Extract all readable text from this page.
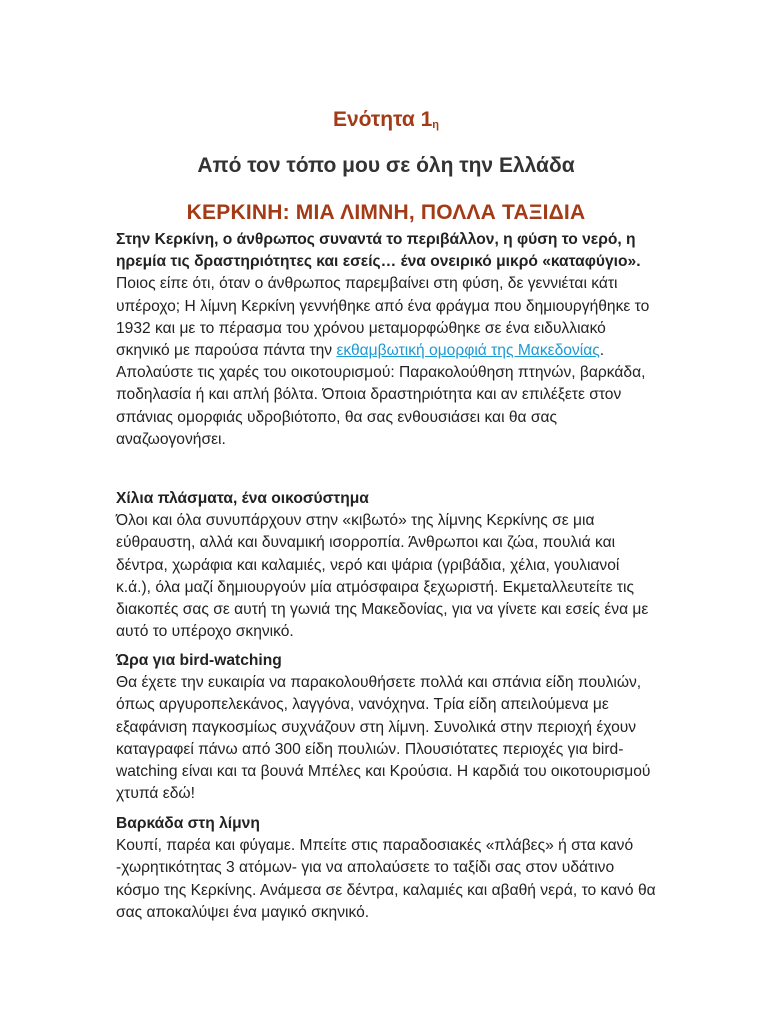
Ενότητα $1_\eta$
Από τον τόπο μου σε όλη την Ελλάδα
ΚΕΡΚΙΝΗ: ΜΙΑ ΛΙΜΝΗ, ΠΟΛΛΑ ΤΑΞΙΔΙΑ
Στην Κερκίνη, ο άνθρωπος συναντά το περιβάλλον, η φύση το νερό, η ηρεμία τις δραστηριότητες και εσείς… ένα ονειρικό μικρό «καταφύγιο».
Ποιος είπε ότι, όταν ο άνθρωπος παρεμβαίνει στη φύση, δε γεννιέται κάτι υπέροχο; Η λίμνη Κερκίνη γεννήθηκε από ένα φράγμα που δημιουργήθηκε το 1932 και με το πέρασμα του χρόνου μεταμορφώθηκε σε ένα ειδυλλιακό σκηνικό με παρούσα πάντα την εκθαμβωτική ομορφιά της Μακεδονίας. Απολαύστε τις χαρές του οικοτουρισμού: Παρακολούθηση πτηνών, βαρκάδα, ποδηλασία ή και απλή βόλτα. Όποια δραστηριότητα και αν επιλέξετε στον σπάνιας ομορφιάς υδροβιότοπο, θα σας ενθουσιάσει και θα σας αναζωογονήσει.
Χίλια πλάσματα, ένα οικοσύστημα
Όλοι και όλα συνυπάρχουν στην «κιβωτό» της λίμνης Κερκίνης σε μια εύθραυστη, αλλά και δυναμική ισορροπία. Άνθρωποι και ζώα, πουλιά και δέντρα, χωράφια και καλαμιές, νερό και ψάρια (γριβάδια, χέλια, γουλιανοί κ.ά.), όλα μαζί δημιουργούν μία ατμόσφαιρα ξεχωριστή. Εκμεταλλευτείτε τις διακοπές σας σε αυτή τη γωνιά της Μακεδονίας, για να γίνετε και εσείς ένα με αυτό το υπέροχο σκηνικό.
Ώρα για bird-watching
Θα έχετε την ευκαιρία να παρακολουθήσετε πολλά και σπάνια είδη πουλιών, όπως αργυροπελεκάνος, λαγγόνα, νανόχηνα. Τρία είδη απειλούμενα με εξαφάνιση παγκοσμίως συχνάζουν στη λίμνη. Συνολικά στην περιοχή έχουν καταγραφεί πάνω από 300 είδη πουλιών. Πλουσιότατες περιοχές για bird-watching είναι και τα βουνά Μπέλες και Κρούσια. Η καρδιά του οικοτουρισμού χτυπά εδώ!
Βαρκάδα στη λίμνη
Κουπί, παρέα και φύγαμε. Μπείτε στις παραδοσιακές «πλάβες» ή στα κανό -χωρητικότητας 3 ατόμων- για να απολαύσετε το ταξίδι σας στον υδάτινο κόσμο της Κερκίνης. Ανάμεσα σε δέντρα, καλαμιές και αβαθή νερά, το κανό θα σας αποκαλύψει ένα μαγικό σκηνικό.
